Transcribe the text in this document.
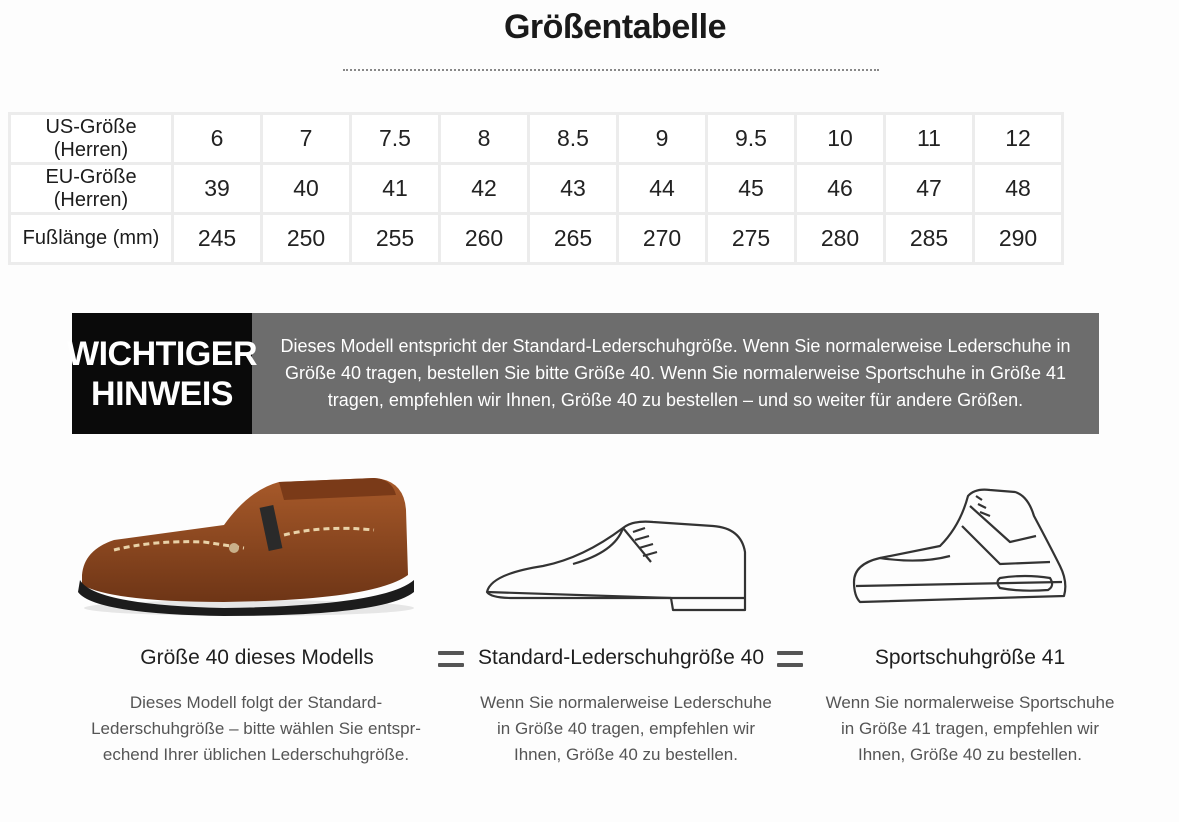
Größentabelle
US-Größe (Herren)	6	7	7.5	8	8.5	9	9.5	10	11	12
EU-Größe (Herren)	39	40	41	42	43	44	45	46	47	48
Fußlänge (mm)	245	250	255	260	265	270	275	280	285	290
WICHTIGER
HINWEIS
Dieses Modell entspricht der Standard-Lederschuhgröße. Wenn Sie normalerweise Lederschuhe in Größe 40 tragen, bestellen Sie bitte Größe 40. Wenn Sie normalerweise Sportschuhe in Größe 41 tragen, empfehlen wir Ihnen, Größe 40 zu bestellen – und so weiter für andere Größen.
Größe 40 dieses Modells
Dieses Modell folgt der Standard-
Lederschuhgröße – bitte wählen Sie entspr-
echend Ihrer üblichen Lederschuhgröße.
Standard-Lederschuhgröße 40
Wenn Sie normalerweise Lederschuhe
in Größe 40 tragen, empfehlen wir
Ihnen, Größe 40 zu bestellen.
Sportschuhgröße 41
Wenn Sie normalerweise Sportschuhe
in Größe 41 tragen, empfehlen wir
Ihnen, Größe 40 zu bestellen.
